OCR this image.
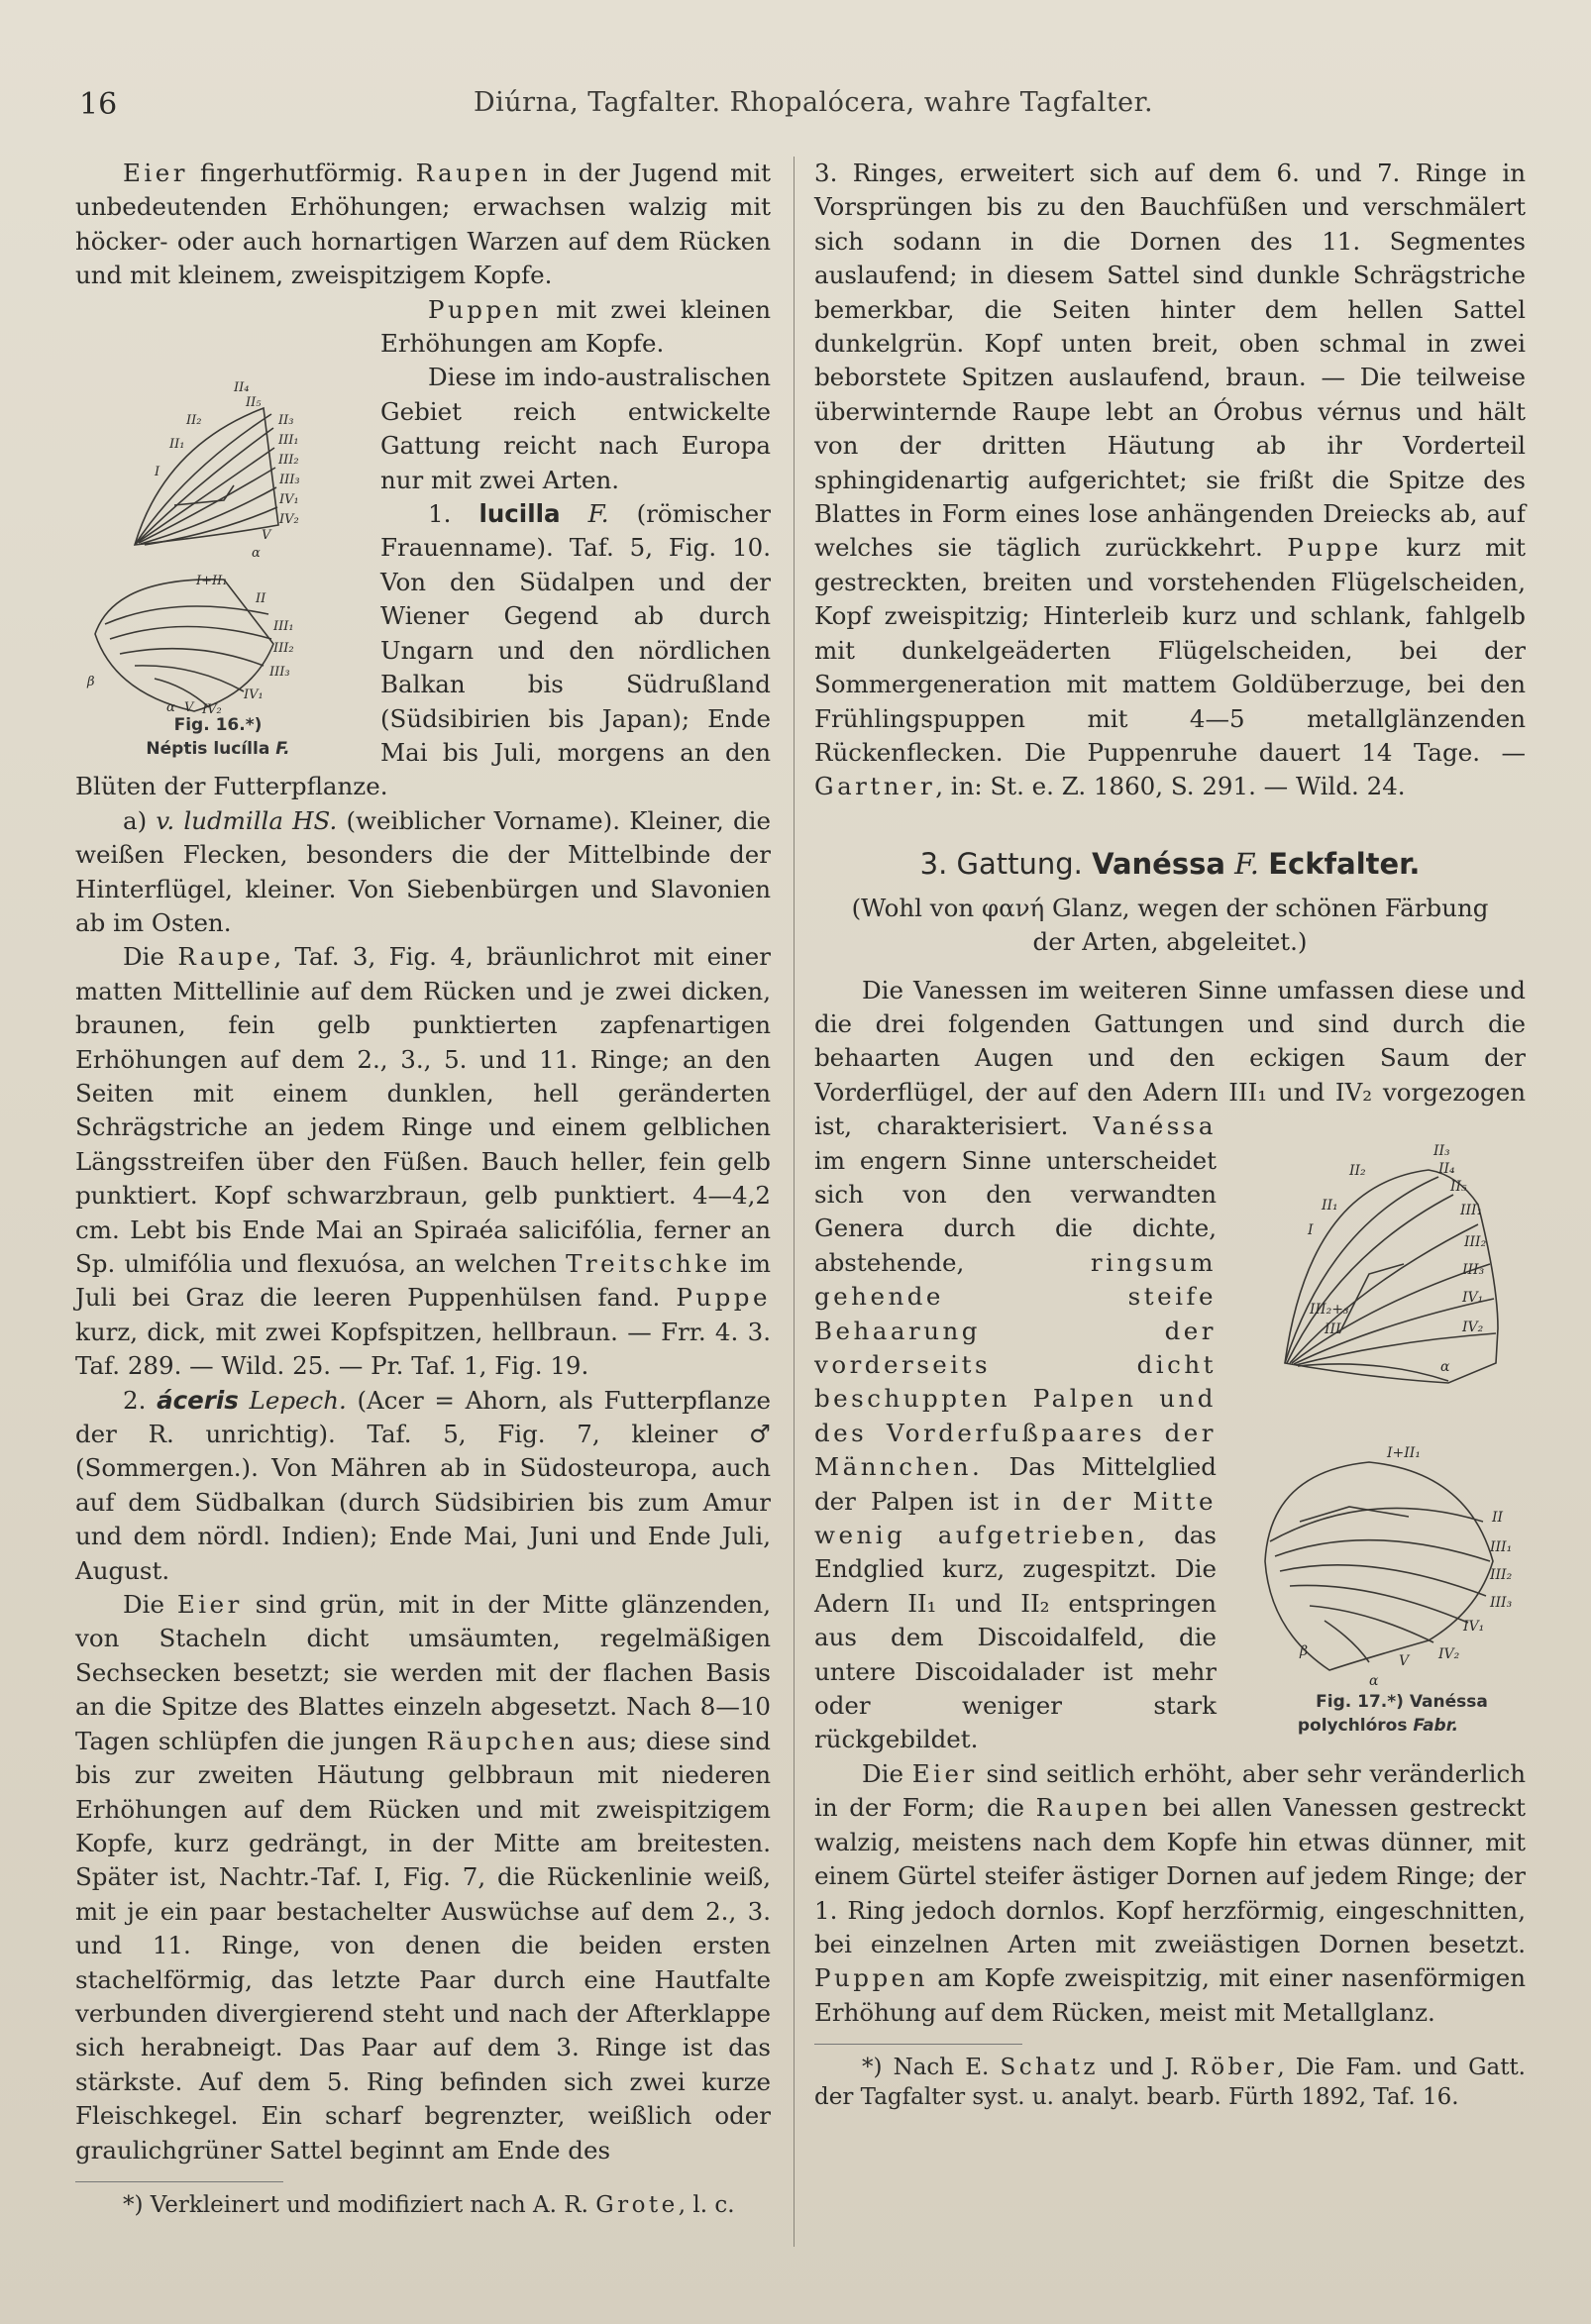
16	Diúrna, Tagfalter. Rhopalócera, wahre Tagfalter.

Eier fingerhutförmig. Raupen in der Jugend mit unbedeutenden Erhöhungen; erwachsen walzig mit höcker- oder auch hornartigen Warzen auf dem Rücken und mit kleinem, zweispitzigem Kopfe.

II₄
II₃
II₅
II₂
II₁	III₁
III₂
III₃
IV₁
IV₂
V
α
I
I+II₁
II
III₁
III₂
III₃
IV₁
IV₂
α V
β
Fig. 16.*)
Néptis lucílla F.

Puppen mit zwei kleinen Erhöhungen am Kopfe.

Diese im indo-australischen Gebiet reich entwickelte Gattung reicht nach Europa nur mit zwei Arten.

1. lucilla F. (römischer Frauenname). Taf. 5, Fig. 10. Von den Südalpen und der Wiener Gegend ab durch Ungarn und den nördlichen Balkan bis Südrußland (Südsibirien bis Japan); Ende Mai bis Juli, morgens an den Blüten der Futterpflanze.

a) v. ludmilla HS. (weiblicher Vorname). Kleiner, die weißen Flecken, besonders die der Mittelbinde der Hinterflügel, kleiner. Von Siebenbürgen und Slavonien ab im Osten.

Die Raupe, Taf. 3, Fig. 4, bräunlichrot mit einer matten Mittellinie auf dem Rücken und je zwei dicken, braunen, fein gelb punktierten zapfenartigen Erhöhungen auf dem 2., 3., 5. und 11. Ringe; an den Seiten mit einem dunklen, hell geränderten Schrägstriche an jedem Ringe und einem gelblichen Längsstreifen über den Füßen. Bauch heller, fein gelb punktiert. Kopf schwarzbraun, gelb punktiert. 4—4,2 cm. Lebt bis Ende Mai an Spiraéa salicifólia, ferner an Sp. ulmifólia und flexuósa, an welchen Treitschke im Juli bei Graz die leeren Puppenhülsen fand. Puppe kurz, dick, mit zwei Kopfspitzen, hellbraun. — Frr. 4. 3. Taf. 289. — Wild. 25. — Pr. Taf. 1, Fig. 19.

2. áceris Lepech. (Acer = Ahorn, als Futterpflanze der R. unrichtig). Taf. 5, Fig. 7, kleiner ♂ (Sommergen.). Von Mähren ab in Südosteuropa, auch auf dem Südbalkan (durch Südsibirien bis zum Amur und dem nördl. Indien); Ende Mai, Juni und Ende Juli, August.

Die Eier sind grün, mit in der Mitte glänzenden, von Stacheln dicht umsäumten, regelmäßigen Sechsecken besetzt; sie werden mit der flachen Basis an die Spitze des Blattes einzeln abgesetzt. Nach 8—10 Tagen schlüpfen die jungen Räupchen aus; diese sind bis zur zweiten Häutung gelbbraun mit niederen Erhöhungen auf dem Rücken und mit zweispitzigem Kopfe, kurz gedrängt, in der Mitte am breitesten. Später ist, Nachtr.-Taf. I, Fig. 7, die Rückenlinie weiß, mit je ein paar bestachelter Auswüchse auf dem 2., 3. und 11. Ringe, von denen die beiden ersten stachelförmig, das letzte Paar durch eine Hautfalte verbunden divergierend steht und nach der Afterklappe sich herabneigt. Das Paar auf dem 3. Ringe ist das stärkste. Auf dem 5. Ring befinden sich zwei kurze Fleischkegel. Ein scharf begrenzter, weißlich oder graulichgrüner Sattel beginnt am Ende des

*) Verkleinert und modifiziert nach A. R. Grote, l. c.

3. Ringes, erweitert sich auf dem 6. und 7. Ringe in Vorsprüngen bis zu den Bauchfüßen und verschmälert sich sodann in die Dornen des 11. Segmentes auslaufend; in diesem Sattel sind dunkle Schrägstriche bemerkbar, die Seiten hinter dem hellen Sattel dunkelgrün. Kopf unten breit, oben schmal in zwei beborstete Spitzen auslaufend, braun. — Die teilweise überwinternde Raupe lebt an Órobus vérnus und hält von der dritten Häutung ab ihr Vorderteil sphingidenartig aufgerichtet; sie frißt die Spitze des Blattes in Form eines lose anhängenden Dreiecks ab, auf welches sie täglich zurückkehrt. Puppe kurz mit gestreckten, breiten und vorstehenden Flügelscheiden, Kopf zweispitzig; Hinterleib kurz und schlank, fahlgelb mit dunkelgeäderten Flügelscheiden, bei der Sommergeneration mit mattem Goldüberzuge, bei den Frühlingspuppen mit 4—5 metallglänzenden Rückenflecken. Die Puppenruhe dauert 14 Tage. — Gartner, in: St. e. Z. 1860, S. 291. — Wild. 24.

3. Gattung. Vanéssa F. Eckfalter.

(Wohl von φανή Glanz, wegen der schönen Färbung der Arten, abgeleitet.)

Die Vanessen im weiteren Sinne umfassen diese und die drei folgenden Gattungen und sind durch die behaarten Augen und den eckigen Saum der Vorderflügel, der auf den Adern III₁ und IV₂ vorgezogen ist, charakterisiert.
II₃
II₄
II₅
II₂
II₁
I
III₁
III₂
III₃
IV₁
IV₂
III₂+₃
III
α
I+II₁
II
III₁
III₂
III₃
IV₁
IV₂
β
V
α
Fig. 17.*) Vanéssa polychlóros Fabr.
Vanéssa im engern Sinne unterscheidet sich von den verwandten Genera durch die dichte, abstehende,	ringsum gehende steife Behaarung der vorderseits dicht beschuppten Palpen und des Vorderfußpaares der Männchen. Das Mittelglied der Palpen ist in der Mitte wenig aufgetrieben, das Endglied kurz, zugespitzt. Die Adern II₁ und II₂ entspringen aus dem Discoidalfeld, die untere Discoidalader ist mehr oder weniger stark rückgebildet.

Die Eier sind seitlich erhöht, aber sehr veränderlich in der Form; die Raupen bei allen Vanessen gestreckt walzig, meistens nach dem Kopfe hin etwas dünner, mit einem Gürtel steifer ästiger Dornen auf jedem Ringe; der 1. Ring jedoch dornlos. Kopf herzförmig, eingeschnitten, bei einzelnen Arten mit zweiästigen Dornen besetzt. Puppen am Kopfe zweispitzig, mit einer nasenförmigen Erhöhung auf dem Rücken, meist mit Metallglanz.

*) Nach E. Schatz und J. Röber, Die Fam. und Gatt. der Tagfalter syst. u. analyt. bearb. Fürth 1892, Taf. 16.
